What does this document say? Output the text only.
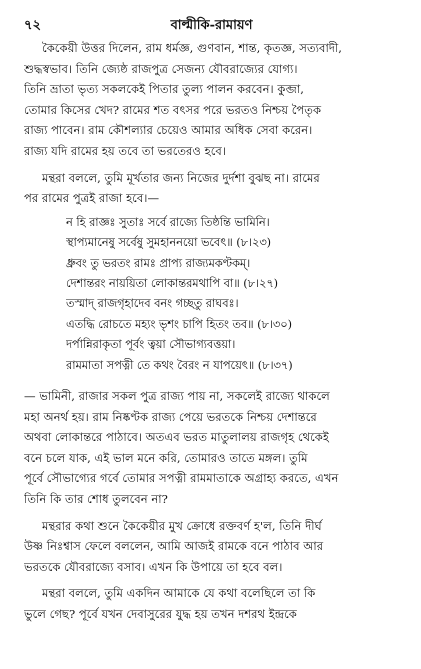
৭২	বাল্মীকি-রামায়ণ
কৈকেয়ী উত্তর দিলেন, রাম ধর্মজ্ঞ, গুণবান, শান্ত, কৃতজ্ঞ, সত্যবাদী,
শুদ্ধস্বভাব। তিনি জ্যেষ্ঠ রাজপুত্র সেজন্য যৌবরাজ্যের যোগ্য।
তিনি ভ্রাতা ভৃত্য সকলকেই পিতার তুল্য পালন করবেন। কুব্জা,
তোমার কিসের খেদ? রামের শত বৎসর পরে ভরতও নিশ্চয় পৈতৃক
রাজ্য পাবেন। রাম কৌশল্যার চেয়েও আমার অধিক সেবা করেন।
রাজ্য যদি রামের হয় তবে তা ভরতেরও হবে।
মন্থরা বললে, তুমি মূর্খতার জন্য নিজের দুর্দশা বুঝছ না। রামের
পর রামের পুত্রই রাজা হবে।—
ন হি রাজ্ঞঃ সুতাঃ সর্বে রাজ্যে তিষ্ঠন্তি ভামিনি।
স্থাপ্যমানেষু সর্বেষু সুমহাননয়ো ভবেৎ॥ (৮।২৩)
ধ্রুবং তু ভরতং রামঃ প্রাপ্য রাজ্যমকণ্টকম্।
দেশান্তরং নায়য়িতা লোকান্তরমথাপি বা॥ (৮।২৭)
তস্মাদ্ রাজগৃহাদেব বনং গচ্ছতু রাঘবঃ।
এতদ্ধি রোচতে মহ্যং ভৃশং চাপি হিতং তব॥ (৮।৩০)
দর্পান্নিরাকৃতা পূর্বং ত্বয়া সৌভাগ্যবত্তয়া।
রামমাতা সপত্নী তে কথং বৈরং ন যাপয়েৎ॥ (৮।৩৭)
— ভামিনী, রাজার সকল পুত্র রাজ্য পায় না, সকলেই রাজ্যে থাকলে
মহা অনর্থ হয়। রাম নিষ্কণ্টক রাজ্য পেয়ে ভরতকে নিশ্চয় দেশান্তরে
অথবা লোকান্তরে পাঠাবে। অতএব ভরত মাতুলালয় রাজগৃহ থেকেই
বনে চলে যাক, এই ভাল মনে করি, তোমারও তাতে মঙ্গল। তুমি
পূর্বে সৌভাগ্যের গর্বে তোমার সপত্নী রামমাতাকে অগ্রাহ্য করতে, এখন
তিনি কি তার শোধ তুলবেন না?
মন্থরার কথা শুনে কৈকেয়ীর মুখ ক্রোধে রক্তবর্ণ হ'ল, তিনি দীর্ঘ
উষ্ণ নিঃশ্বাস ফেলে বললেন, আমি আজই রামকে বনে পাঠাব আর
ভরতকে যৌবরাজ্যে বসাব। এখন কি উপায়ে তা হবে বল।
মন্থরা বললে, তুমি একদিন আমাকে যে কথা বলেছিলে তা কি
ভুলে গেছ? পূর্বে যখন দেবাসুরের যুদ্ধ হয় তখন দশরথ ইন্দ্রকে
